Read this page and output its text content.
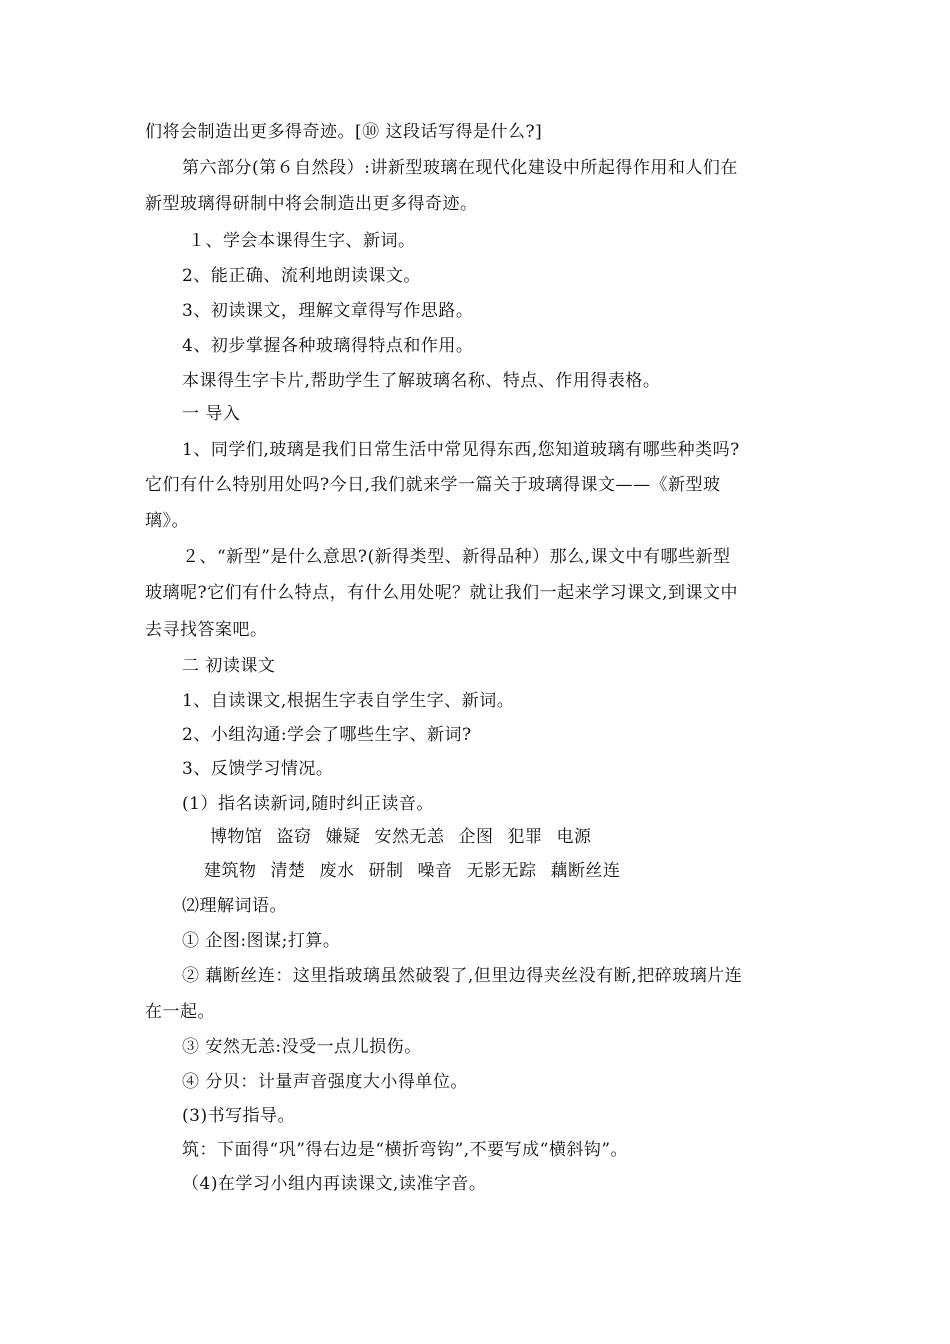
们将会制造出更多得奇迹。[⑩ 这段话写得是什么?]
第六部分(第６自然段）:讲新型玻璃在现代化建设中所起得作用和人们在
新型玻璃得研制中将会制造出更多得奇迹。
１、学会本课得生字、新词。
2、能正确、流利地朗读课文。
3、初读课文，理解文章得写作思路。
4、初步掌握各种玻璃得特点和作用。
本课得生字卡片,帮助学生了解玻璃名称、特点、作用得表格。
一 导入
1、同学们,玻璃是我们日常生活中常见得东西,您知道玻璃有哪些种类吗?
它们有什么特别用处吗?今日,我们就来学一篇关于玻璃得课文——《新型玻
璃》。
２、“新型”是什么意思?(新得类型、新得品种）那么,课文中有哪些新型
玻璃呢?它们有什么特点，有什么用处呢？就让我们一起来学习课文,到课文中
去寻找答案吧。
二 初读课文
1、自读课文,根据生字表自学生字、新词。
2、小组沟通:学会了哪些生字、新词?
3、反馈学习情况。
(1）指名读新词,随时纠正读音。
博物馆 盗窃 嫌疑 安然无恙 企图 犯罪 电源
建筑物 清楚 废水 研制 噪音 无影无踪 藕断丝连
⑵理解词语。
① 企图:图谋;打算。
② 藕断丝连：这里指玻璃虽然破裂了,但里边得夹丝没有断,把碎玻璃片连
在一起。
③ 安然无恙:没受一点儿损伤。
④ 分贝：计量声音强度大小得单位。
(3)书写指导。
筑：下面得“巩”得右边是“横折弯钩”,不要写成“横斜钩”。
（4)在学习小组内再读课文,读准字音。
